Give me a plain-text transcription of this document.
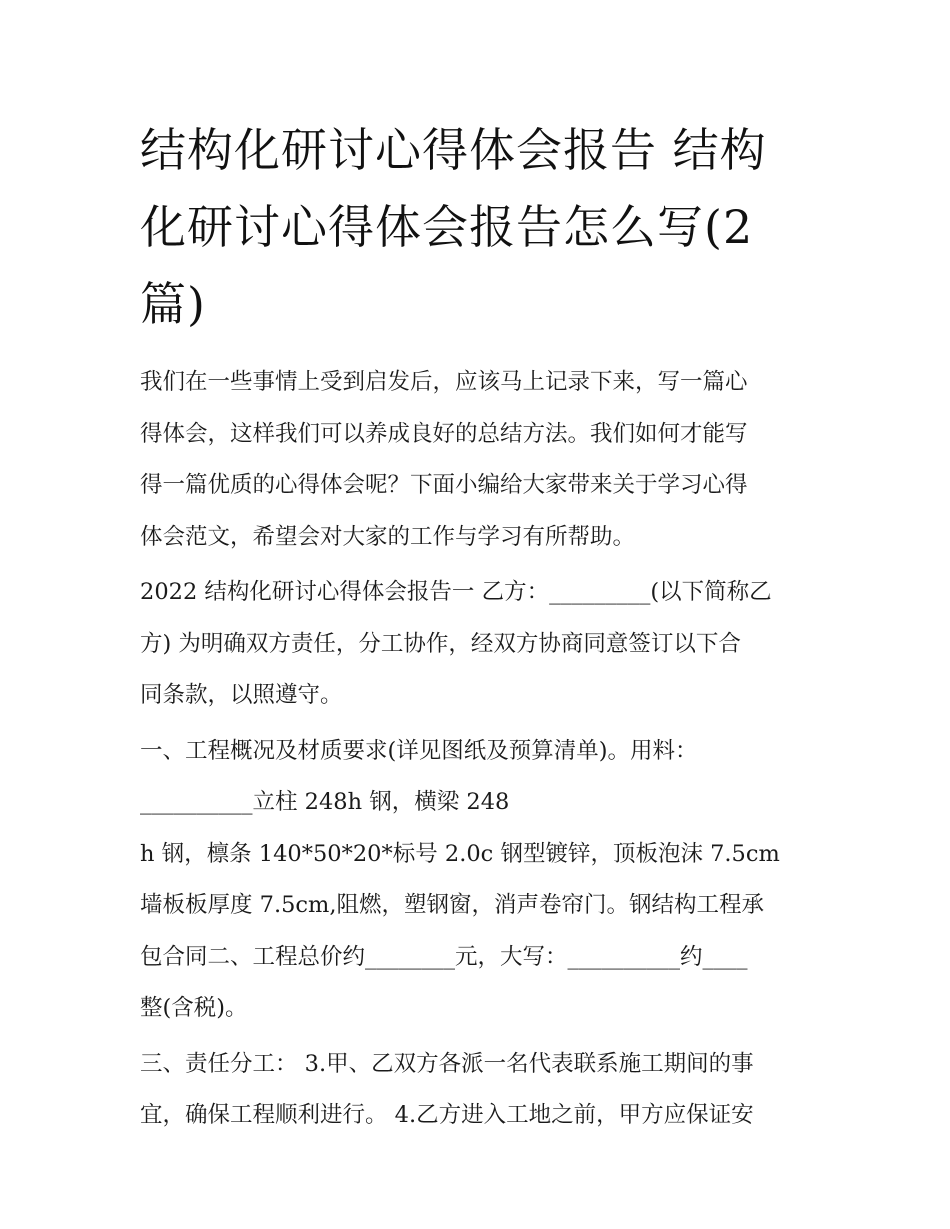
结构化研讨心得体会报告 结构
化研讨心得体会报告怎么写(2
篇)

我们在一些事情上受到启发后，应该马上记录下来，写一篇心
得体会，这样我们可以养成良好的总结方法。我们如何才能写
得一篇优质的心得体会呢？下面小编给大家带来关于学习心得
体会范文，希望会对大家的工作与学习有所帮助。

2022 结构化研讨心得体会报告一 乙方：_________(以下简称乙
方) 为明确双方责任，分工协作，经双方协商同意签订以下合
同条款，以照遵守。

一、工程概况及材质要求(详见图纸及预算清单)。用料：
__________立柱 248h 钢，横梁 248
h 钢，檩条 140*50*20*标号 2.0c 钢型镀锌，顶板泡沫 7.5cm
墙板板厚度 7.5cm,阻燃，塑钢窗，消声卷帘门。钢结构工程承
包合同二、工程总价约________元，大写：__________约____
整(含税)。

三、责任分工： 3.甲、乙双方各派一名代表联系施工期间的事
宜，确保工程顺利进行。 4.乙方进入工地之前，甲方应保证安
